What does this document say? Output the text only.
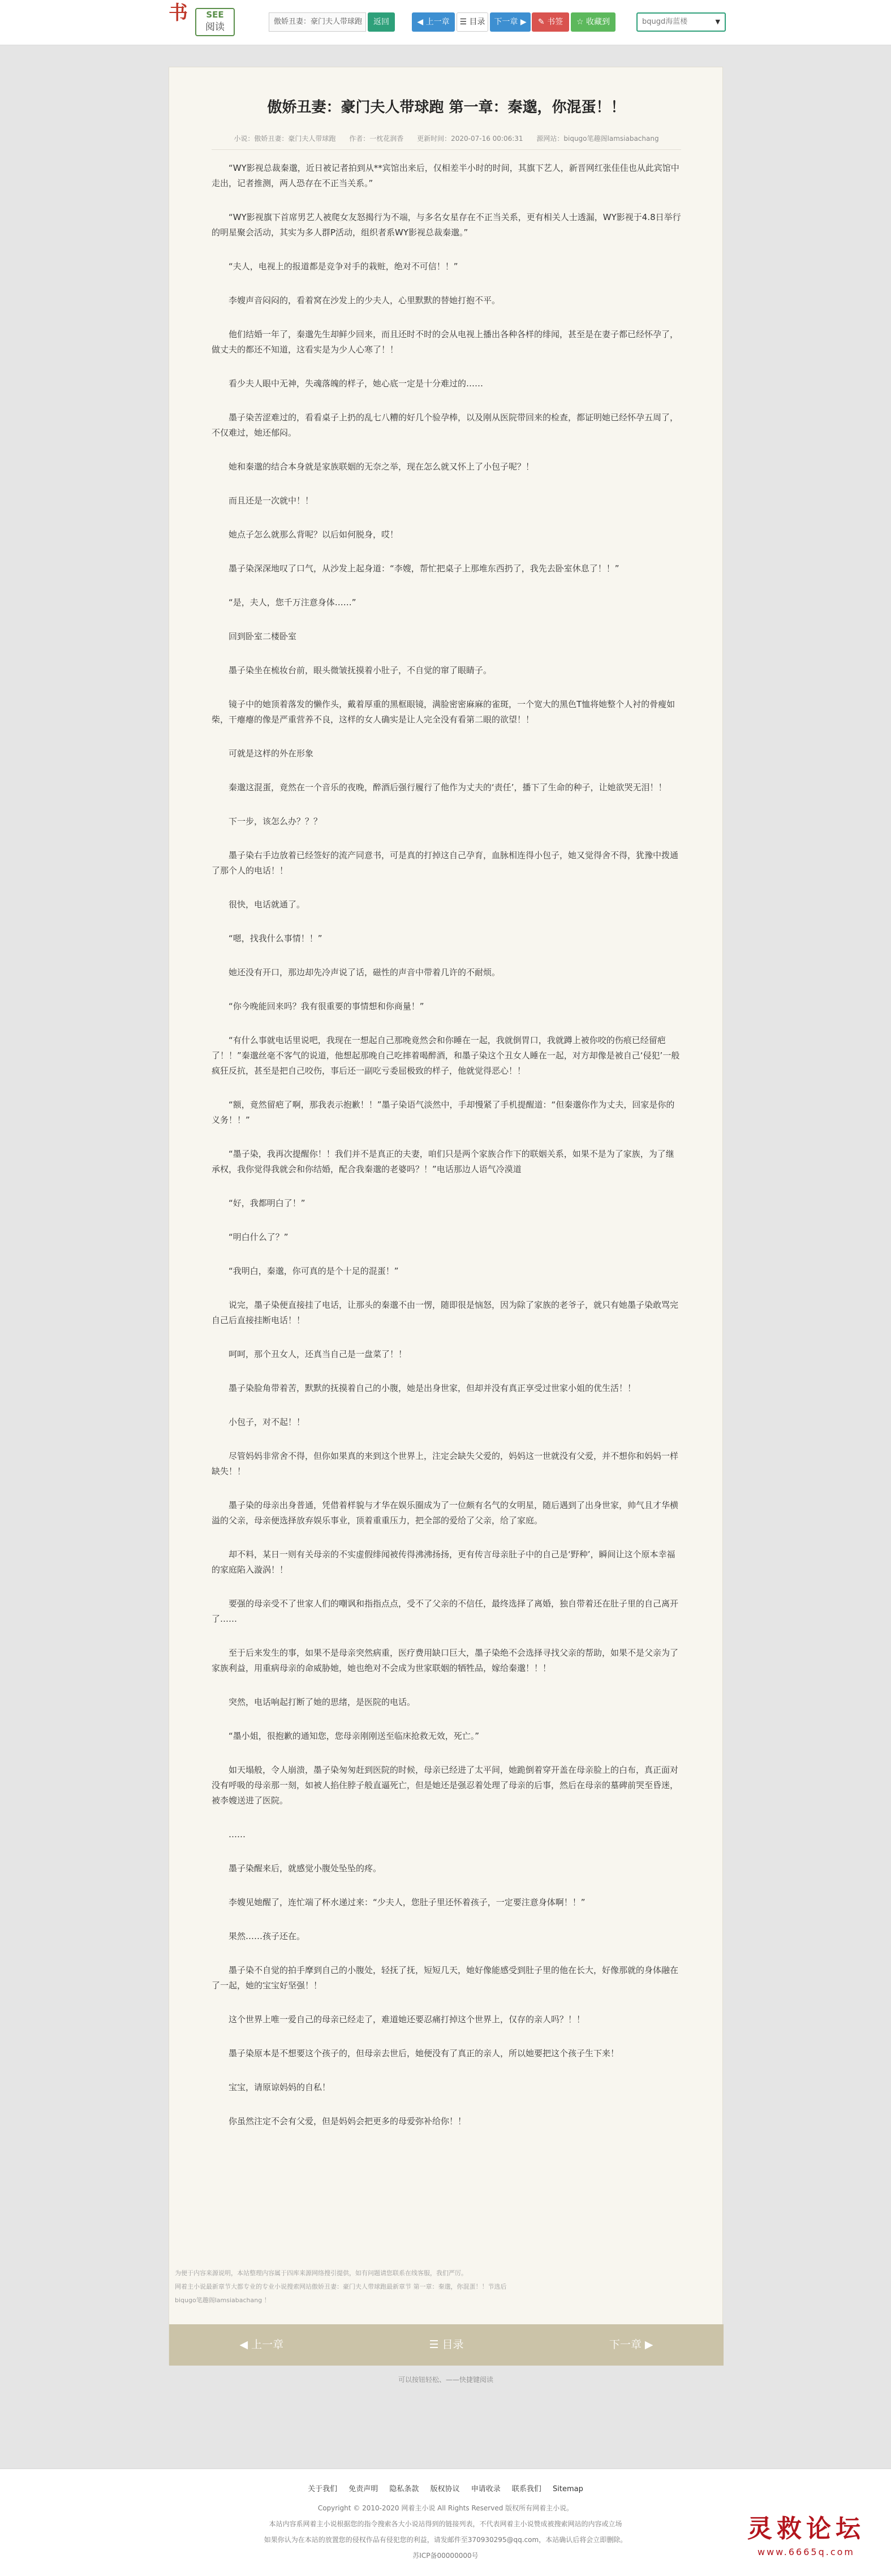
书	SEE
阅读	傲娇丑妻：豪门夫人带球跑	返回	◀ 上一章	☰ 目录	下一章 ▶	✎ 书签	☆ 收藏到	bqugd海蓝楼	▼
傲娇丑妻：豪门夫人带球跑 第一章：秦邈，你混蛋！！
小说：傲娇丑妻：豪门夫人带球跑 作者：一枕花润香 更新时间：2020-07-16 00:06:31 源网站：biqugo笔趣阁lamsiabachang

“WY影视总裁秦邈，近日被记者拍到从**宾馆出来后，仅相差半小时的时间，其旗下艺人，新晋网红张佳佳也从此宾馆中走出，记者推测，两人恐存在不正当关系。”

“WY影视旗下首席男艺人被爬女友怒揭行为不端，与多名女星存在不正当关系，更有相关人士透漏，WY影视于4.8日举行的明星聚会活动，其实为多人群P活动，组织者系WY影视总裁秦邈。”

“夫人，电视上的报道都是竞争对手的栽赃，绝对不可信！！”

李嫂声音闷闷的，看着窝在沙发上的少夫人，心里默默的替她打抱不平。

他们结婚一年了，秦邈先生却鲜少回来，而且还时不时的会从电视上播出各种各样的绯闻，甚至是在妻子都已经怀孕了，做丈夫的都还不知道，这看实是为少人心寒了！！

看少夫人眼中无神，失魂落魄的样子，她心底一定是十分难过的……

墨子染苦涩难过的，看看桌子上扔的乱七八糟的好几个验孕棒，以及刚从医院带回来的检查，都证明她已经怀孕五周了，不仅难过，她还郁闷。

她和秦邈的结合本身就是家族联姻的无奈之举，现在怎么就又怀上了小包子呢？！

而且还是一次就中！！

她点子怎么就那么背呢？以后如何脱身，哎！

墨子染深深地叹了口气，从沙发上起身道：“李嫂，帮忙把桌子上那堆东西扔了，我先去卧室休息了！！”

“是，夫人，您千万注意身体……”

回到卧室二楼卧室

墨子染坐在梳妆台前，眼头微皱抚摸着小肚子，不自觉的窜了眼睛子。

镜子中的她顶着落发的懒作头，戴着厚重的黑框眼镜，满脸密密麻麻的雀斑，一个宽大的黑色T恤将她整个人衬的骨瘦如柴，干瘪瘪的像是严重营养不良，这样的女人确实是让人完全没有看第二眼的欲望！！

可就是这样的外在形象

秦邈这混蛋，竟然在一个音乐的夜晚，醉酒后强行履行了他作为丈夫的‘责任’，播下了生命的种子，让她欲哭无泪！！

下一步，该怎么办？？？

墨子染右手边放着已经签好的流产同意书，可是真的打掉这自己孕育，血脉相连得小包子，她又觉得舍不得，犹豫中拨通了那个人的电话！！

很快，电话就通了。

“嗯，找我什么事情！！”

她还没有开口，那边却先冷声说了话，磁性的声音中带着几许的不耐烦。

“你今晚能回来吗？我有很重要的事情想和你商量！”

“有什么事就电话里说吧，我现在一想起自己那晚竟然会和你睡在一起，我就倒胃口，我就蹲上被你咬的伤痕已经留疤了！！”秦邈丝毫不客气的说道，他想起那晚自己吃摔着喝醉酒，和墨子染这个丑女人睡在一起，对方却像是被自己‘侵犯’一般疯狂反抗，甚至是把自己咬伤，事后还一副吃亏委屈极致的样子，他就觉得恶心！！

“额，竟然留疤了啊，那我表示抱歉！！”墨子染语气淡然中，手却慢紧了手机提醒道：“但秦邈你作为丈夫，回家是你的义务！！”

“墨子染，我再次提醒你！！我们并不是真正的夫妻，咱们只是两个家族合作下的联姻关系，如果不是为了家族，为了继承权，我你觉得我就会和你结婚，配合我秦邈的老婆吗？！”电话那边人语气冷漠道

“好，我都明白了！”

“明白什么了？”

“我明白，秦邈，你可真的是个十足的混蛋！”

说完，墨子染便直接挂了电话，让那头的秦邈不由一愣，随即很是恼怒，因为除了家族的老爷子，就只有她墨子染敢骂完自己后直接挂断电话！！

呵呵，那个丑女人，还真当自己是一盘菜了！！

墨子染脸角带着苦，默默的抚摸着自己的小腹，她是出身世家，但却并没有真正享受过世家小姐的优生活！！

小包子，对不起！！

尽管妈妈非常舍不得，但你如果真的来到这个世界上，注定会缺失父爱的，妈妈这一世就没有父爱，并不想你和妈妈一样缺失！！

墨子染的母亲出身普通，凭借着样貌与才华在娱乐圈成为了一位颇有名气的女明星，随后遇到了出身世家，帅气且才华横溢的父亲，母亲便选择放弃娱乐事业，顶着重重压力，把全部的爱给了父亲，给了家庭。

却不料，某日一则有关母亲的不实虚假绯闻被传得沸沸扬扬，更有传言母亲肚子中的自己是‘野种’，瞬间让这个原本幸福的家庭陷入漩涡！！

要强的母亲受不了世家人们的嘲讽和指指点点，受不了父亲的不信任，最终选择了离婚，独自带着还在肚子里的自己离开了……

至于后来发生的事，如果不是母亲突然病重，医疗费用缺口巨大，墨子染绝不会选择寻找父亲的帮助，如果不是父亲为了家族利益，用重病母亲的命威胁她，她也绝对不会成为世家联姻的牺牲品，嫁给秦邈！！！

突然，电话响起打断了她的思绪，是医院的电话。

“墨小姐，很抱歉的通知您，您母亲刚刚送至临床抢救无效，死亡。”

如天塌般，令人崩溃，墨子染匆匆赶到医院的时候，母亲已经进了太平间，她跪倒着穿开盖在母亲脸上的白布，真正面对没有呼吸的母亲那一刻，如被人掐住脖子般直逼死亡，但是她还是强忍着处理了母亲的后事，然后在母亲的墓碑前哭至昏迷，被李嫂送进了医院。

……

墨子染醒来后，就感觉小腹处坠坠的疼。

李嫂见她醒了，连忙端了杯水递过来：“少夫人，您肚子里还怀着孩子，一定要注意身体啊！！”

果然……孩子还在。

墨子染不自觉的拍手摩到自己的小腹处，轻抚了抚，短短几天，她好像能感受到肚子里的他在长大，好像那就的身体融在了一起，她的宝宝好坚强！！

这个世界上唯一爱自己的母亲已经走了，难道她还要忍痛打掉这个世界上，仅存的亲人吗？！！

墨子染原本是不想要这个孩子的，但母亲去世后，她便没有了真正的亲人，所以她要把这个孩子生下来！

宝宝，请原谅妈妈的自私！

你虽然注定不会有父爱，但是妈妈会把更多的母爱弥补给你！！

为便于内容来源说明，本站整理内容属于四库来源网络搜引提供，如有问题请您联系在线客服，我们严厉。
网着主小说最新章节大都专业的专业小说搜索网站傲娇丑妻：豪门夫人带球跑最新章节 第一章：秦邈，你混蛋！！节选后
biqugo笔趣阁lamsiabachang ！
◀ 上一章	☰ 目录	下一章 ▶
可以按钮轻松、——快捷键阅读
关于我们 免责声明 隐私条款 版权协议 申请收录 联系我们 Sitemap
Copyright © 2010-2020 网着主小说 All Rights Reserved 版权所有网着主小说。
本站内容系网着主小说根据您的指令搜索各大小说站得到的链接列表，不代表网着主小说赞成被搜索网站的内容或立场
如果你认为在本站的放置您的侵权作品有侵犯您的利益，请发邮件至370930295@qq.com，本站确认后将会立即删除。
苏ICP备00000000号
灵救论坛
www.6665q.com
